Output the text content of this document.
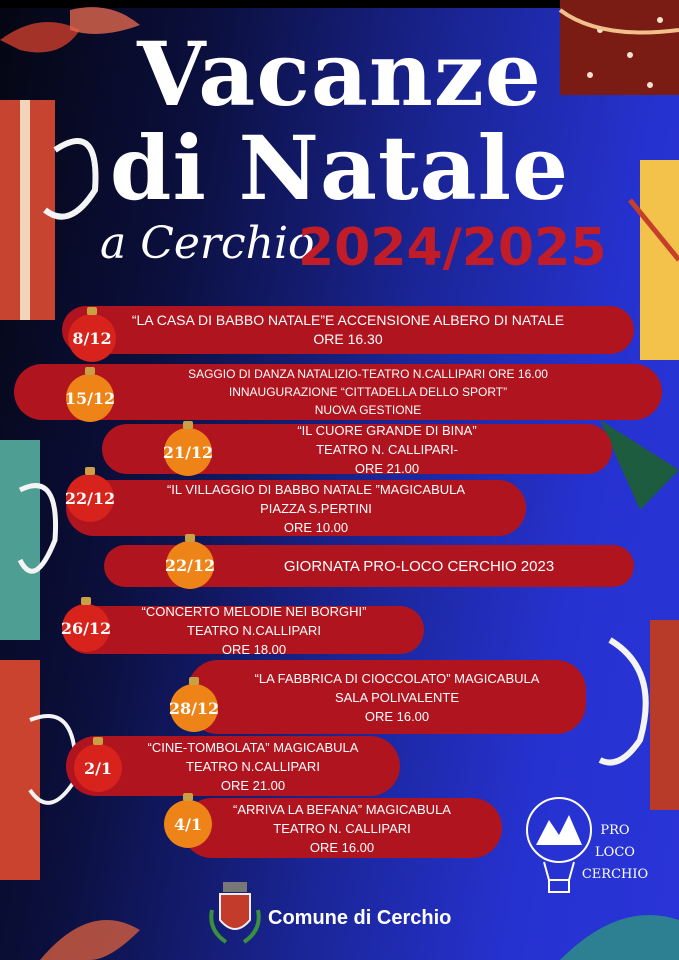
Vacanze
di Natale
a Cerchio
2024/2025
“LA CASA DI BABBO NATALE”E ACCENSIONE ALBERO DI NATALE
ORE 16.30
8/12
SAGGIO DI DANZA NATALIZIO-TEATRO N.CALLIPARI ORE 16.00
INNAUGURAZIONE “CITTADELLA DELLO SPORT”
NUOVA GESTIONE
15/12
“IL CUORE GRANDE DI BINA”
TEATRO N. CALLIPARI-
ORE 21.00
21/12
“IL VILLAGGIO DI BABBO NATALE ”MAGICABULA
PIAZZA S.PERTINI
ORE 10.00
22/12
GIORNATA PRO-LOCO CERCHIO 2023
22/12
“CONCERTO MELODIE NEI BORGHI”
TEATRO N.CALLIPARI
ORE 18.00
26/12
“LA FABBRICA DI CIOCCOLATO” MAGICABULA
SALA POLIVALENTE
ORE 16.00
28/12
“CINE-TOMBOLATA” MAGICABULA
TEATRO N.CALLIPARI
ORE 21.00
2/1
“ARRIVA LA BEFANA” MAGICABULA
TEATRO N. CALLIPARI
ORE 16.00
4/1	PRO
LOCO
CERCHIO
Comune di Cerchio
